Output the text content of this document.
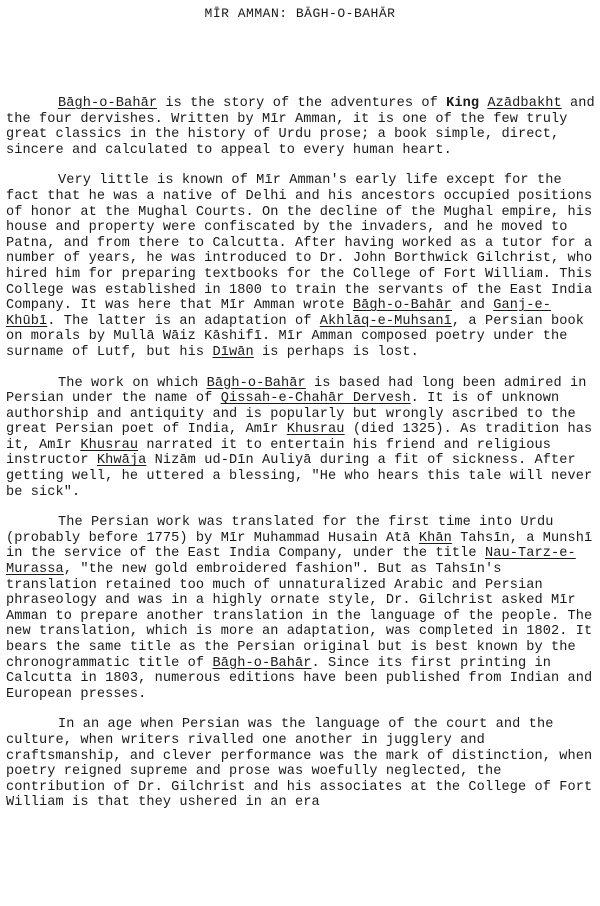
MĪR AMMAN: BĀGH-O-BAHĀR

Bāgh-o-Bahār is the story of the adventures of King Azādbakht and the four dervishes. Written by Mīr Amman, it is one of the few truly great classics in the history of Urdu prose; a book simple, direct, sincere and calculated to appeal to every human heart.

Very little is known of Mīr Amman's early life except for the fact that he was a native of Delhi and his ancestors occupied positions of honor at the Mughal Courts. On the decline of the Mughal empire, his house and property were confiscated by the invaders, and he moved to Patna, and from there to Calcutta. After having worked as a tutor for a number of years, he was introduced to Dr. John Borthwick Gilchrist, who hired him for preparing textbooks for the College of Fort William. This College was established in 1800 to train the servants of the East India Company. It was here that Mīr Amman wrote Bāgh-o-Bahār and Ganj-e-Khūbī. The latter is an adaptation of Akhlāq-e-Muhsanī, a Persian book on morals by Mullā Wāiz Kāshifī. Mīr Amman composed poetry under the surname of Lutf, but his Dīwān is perhaps is lost.

The work on which Bāgh-o-Bahār is based had long been admired in Persian under the name of Qissah-e-Chahār Dervesh. It is of unknown authorship and antiquity and is popularly but wrongly ascribed to the great Persian poet of India, Amīr Khusrau (died 1325). As tradition has it, Amīr Khusrau narrated it to entertain his friend and religious instructor Khwāja Nizām ud-Dīn Auliyā during a fit of sickness. After getting well, he uttered a blessing, "He who hears this tale will never be sick".

The Persian work was translated for the first time into Urdu (probably before 1775) by Mīr Muhammad Husain Atā Khān Tahsīn, a Munshī in the service of the East India Company, under the title Nau-Tarz-e-Murassa, "the new gold embroidered fashion". But as Tahsīn's translation retained too much of unnaturalized Arabic and Persian phraseology and was in a highly ornate style, Dr. Gilchrist asked Mīr Amman to prepare another translation in the language of the people. The new translation, which is more an adaptation, was completed in 1802. It bears the same title as the Persian original but is best known by the chronogrammatic title of Bāgh-o-Bahār. Since its first printing in Calcutta in 1803, numerous editions have been published from Indian and European presses.

In an age when Persian was the language of the court and the culture, when writers rivalled one another in jugglery and craftsmanship, and clever performance was the mark of distinction, when poetry reigned supreme and prose was woefully neglected, the contribution of Dr. Gilchrist and his associates at the College of Fort William is that they ushered in an era
